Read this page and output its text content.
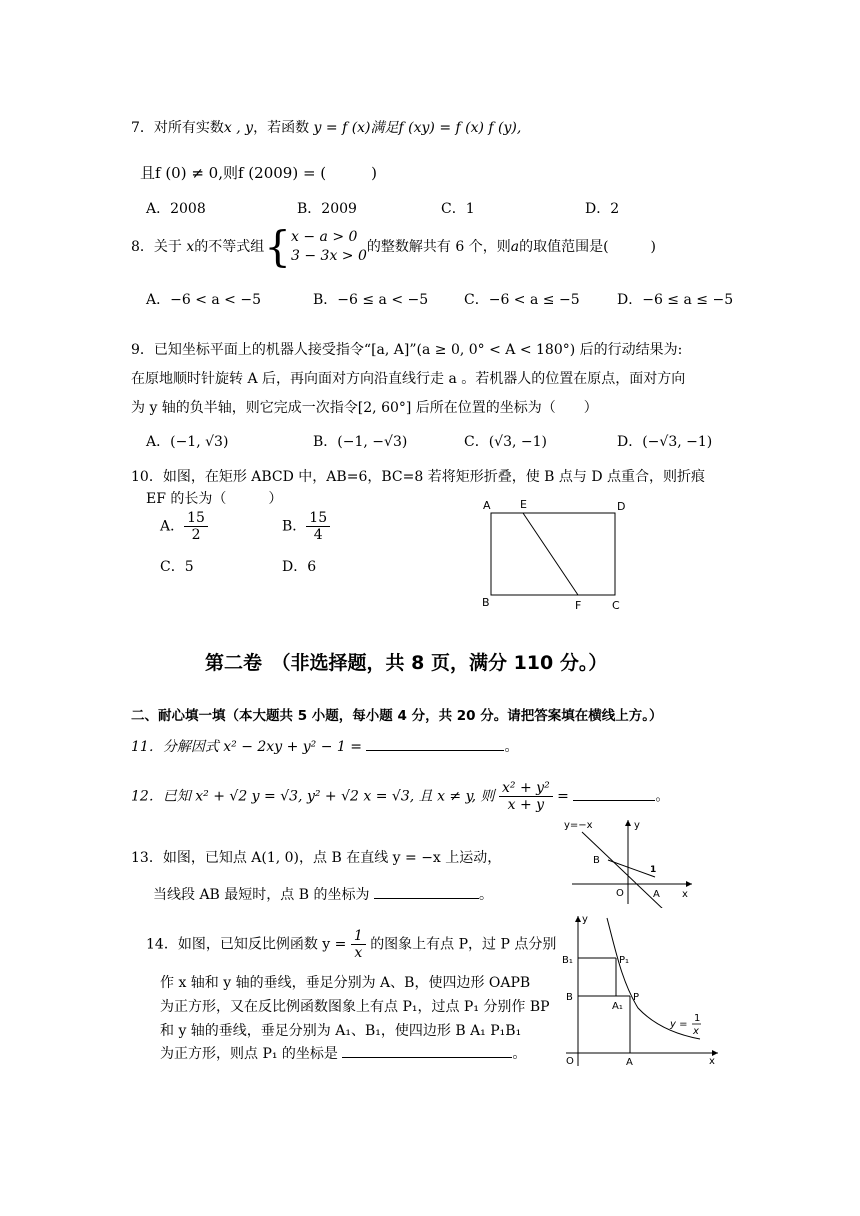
7．对所有实数x , y，若函数 y = f (x)满足f (xy) = f (x) f (y),
且f (0) ≠ 0,则f (2009) = (　　　)
A．2008	B．2009	C．1	D．2
8．关于 x的不等式组{ x − a > 0
3 − 3x > 0
的整数解共有 6 个，则a的取值范围是(　　　)
A．−6 < a < −5	B．−6 ≤ a < −5	C．−6 < a ≤ −5	D．−6 ≤ a ≤ −5
9．已知坐标平面上的机器人接受指令“[a, A]”(a ≥ 0, 0° < A < 180°) 后的行动结果为:
在原地顺时针旋转 A 后，再向面对方向沿直线行走 a 。若机器人的位置在原点，面对方向
为 y 轴的负半轴，则它完成一次指令[2, 60°] 后所在位置的坐标为（　　）
A．(−1, √3)	B．(−1, −√3)	C．(√3, −1)	D．(−√3, −1)
10．如图，在矩形 ABCD 中，AB=6，BC=8 若将矩形折叠，使 B 点与 D 点重合，则折痕
EF 的长为（　　　）
A． $\frac{15}{2}$	B． $\frac{15}{4}$
C．5	D．6
A	E	D
B	F	C
第二卷　（非选择题，共 8 页，满分 110 分。）
二、耐心填一填（本大题共 5 小题，每小题 4 分，共 20 分。请把答案填在横线上方。）
11．分解因式 x² − 2xy + y² − 1 =	。
12．已知 x² + √2 y = √3, y² + √2 x = √3, 且 x ≠ y, 则 $\frac{\text{x² + y²}}{x + y}$ =	。
13．如图，已知点 A(1, 0)，点 B 在直线 y = −x 上运动，
当线段 AB 最短时，点 B 的坐标为	。
y=−x	y
B
1
O	A x
14．如图，已知反比例函数 $y = \frac{1}{x}$ 的图象上有点 P，过 P 点分别
作 x 轴和 y 轴的垂线，垂足分别为 A、B，使四边形 OAPB
为正方形，又在反比例函数图象上有点 P₁，过点 P₁ 分别作 BP
和 y 轴的垂线，垂足分别为 A₁、B₁，使四边形 B A₁ P₁B₁
为正方形，则点 P₁ 的坐标是	。
y
B₁	P₁
B
A₁
P
y =
1
x
O	A	x
